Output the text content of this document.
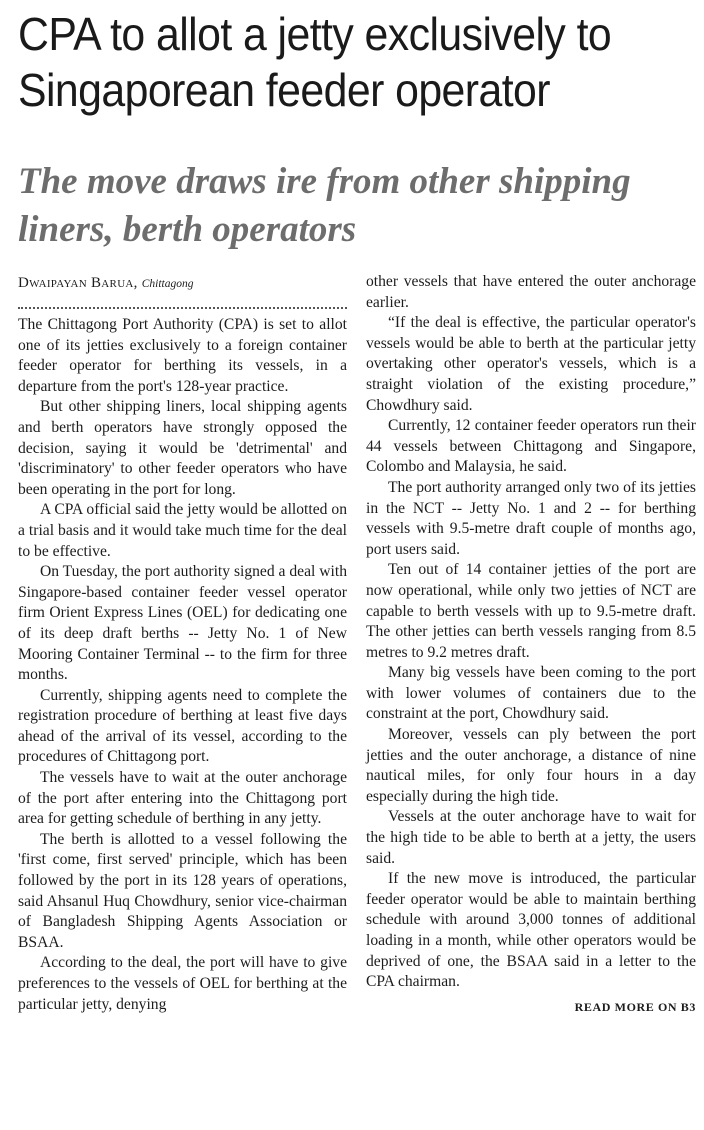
CPA to allot a jetty exclusively to Singaporean feeder operator
The move draws ire from other shipping liners, berth operators
Dwaipayan Barua, Chittagong

The Chittagong Port Authority (CPA) is set to allot one of its jetties exclusively to a foreign container feeder operator for berthing its vessels, in a departure from the port's 128-year practice.

But other shipping liners, local shipping agents and berth operators have strongly opposed the decision, saying it would be 'detrimental' and 'discriminatory' to other feeder operators who have been operating in the port for long.

A CPA official said the jetty would be allotted on a trial basis and it would take much time for the deal to be effective.

On Tuesday, the port authority signed a deal with Singapore-based container feeder vessel operator firm Orient Express Lines (OEL) for dedicating one of its deep draft berths -- Jetty No. 1 of New Mooring Container Terminal -- to the firm for three months.

Currently, shipping agents need to complete the registration procedure of berthing at least five days ahead of the arrival of its vessel, according to the procedures of Chittagong port.

The vessels have to wait at the outer anchorage of the port after entering into the Chittagong port area for getting schedule of berthing in any jetty.

The berth is allotted to a vessel following the 'first come, first served' principle, which has been followed by the port in its 128 years of operations, said Ahsanul Huq Chowdhury, senior vice-chairman of Bangladesh Shipping Agents Association or BSAA.

According to the deal, the port will have to give preferences to the vessels of OEL for berthing at the particular jetty, denying

other vessels that have entered the outer anchorage earlier.

“If the deal is effective, the particular operator's vessels would be able to berth at the particular jetty overtaking other operator's vessels, which is a straight violation of the existing procedure,” Chowdhury said.

Currently, 12 container feeder operators run their 44 vessels between Chittagong and Singapore, Colombo and Malaysia, he said.

The port authority arranged only two of its jetties in the NCT -- Jetty No. 1 and 2 -- for berthing vessels with 9.5-metre draft couple of months ago, port users said.

Ten out of 14 container jetties of the port are now operational, while only two jetties of NCT are capable to berth vessels with up to 9.5-metre draft. The other jetties can berth vessels ranging from 8.5 metres to 9.2 metres draft.

Many big vessels have been coming to the port with lower volumes of containers due to the constraint at the port, Chowdhury said.

Moreover, vessels can ply between the port jetties and the outer anchorage, a distance of nine nautical miles, for only four hours in a day especially during the high tide.

Vessels at the outer anchorage have to wait for the high tide to be able to berth at a jetty, the users said.

If the new move is introduced, the particular feeder operator would be able to maintain berthing schedule with around 3,000 tonnes of additional loading in a month, while other operators would be deprived of one, the BSAA said in a letter to the CPA chairman.

READ MORE ON B3
